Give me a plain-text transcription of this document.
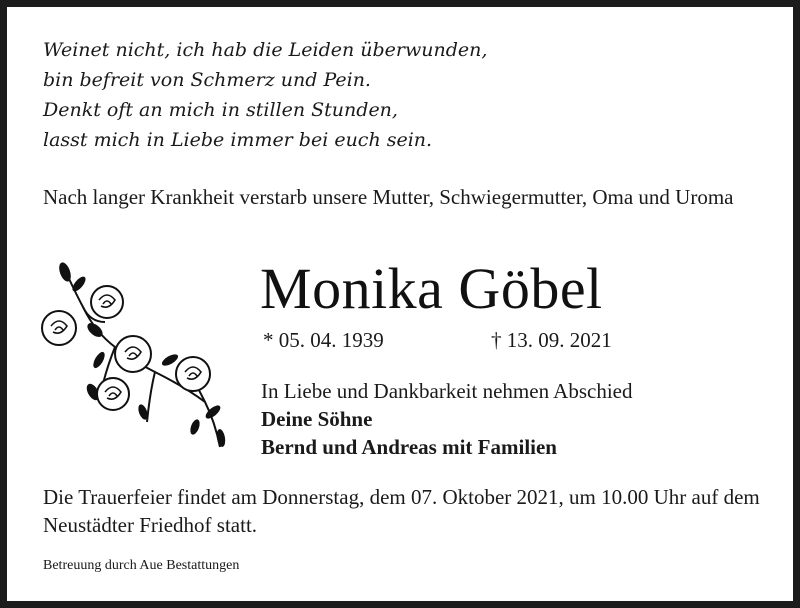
Weinet nicht, ich hab die Leiden überwunden,
bin befreit von Schmerz und Pein.
Denkt oft an mich in stillen Stunden,
lasst mich in Liebe immer bei euch sein.
Nach langer Krankheit verstarb unsere Mutter, Schwiegermutter, Oma und Uroma
Monika Göbel
* 05. 04. 1939	† 13. 09. 2021
In Liebe und Dankbarkeit nehmen Abschied
Deine Söhne
Bernd und Andreas mit Familien
Die Trauerfeier findet am Donnerstag, dem 07. Oktober 2021, um 10.00 Uhr auf dem Neustädter Friedhof statt.
Betreuung durch Aue Bestattungen
